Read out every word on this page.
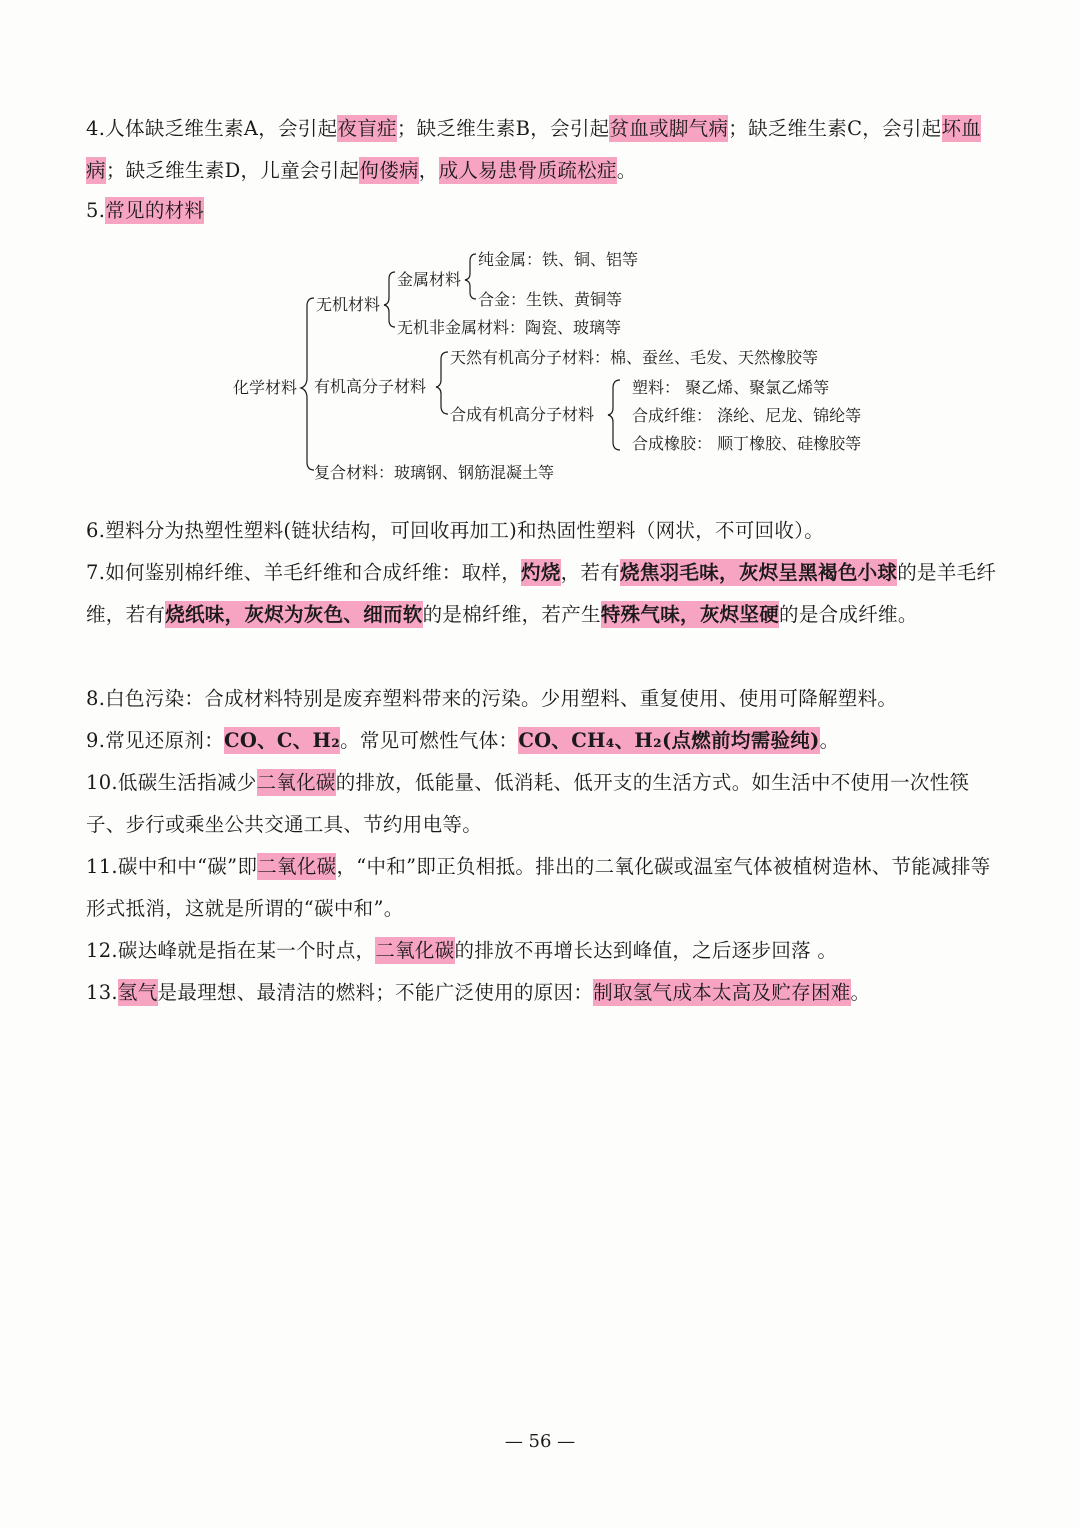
4.人体缺乏维生素A，会引起夜盲症；缺乏维生素B，会引起贫血或脚气病；缺乏维生素C，会引起坏血病；缺乏维生素D，儿童会引起佝偻病，成人易患骨质疏松症。
5.常见的材料
化学材料
无机材料
金属材料
纯金属：铁、铜、铝等
合金：生铁、黄铜等
无机非金属材料：陶瓷、玻璃等
有机高分子材料
天然有机高分子材料：棉、蚕丝、毛发、天然橡胶等
合成有机高分子材料
塑料： 聚乙烯、聚氯乙烯等
合成纤维： 涤纶、尼龙、锦纶等
合成橡胶： 顺丁橡胶、硅橡胶等
复合材料：玻璃钢、钢筋混凝土等
6.塑料分为热塑性塑料(链状结构，可回收再加工)和热固性塑料（网状，不可回收）。
7.如何鉴别棉纤维、羊毛纤维和合成纤维：取样，灼烧，若有烧焦羽毛味，灰烬呈黑褐色小球的是羊毛纤维，若有烧纸味，灰烬为灰色、细而软的是棉纤维，若产生特殊气味，灰烬坚硬的是合成纤维。
8.白色污染：合成材料特别是废弃塑料带来的污染。少用塑料、重复使用、使用可降解塑料。
9.常见还原剂：CO、C、H₂。常见可燃性气体：CO、CH₄、H₂(点燃前均需验纯)。
10.低碳生活指减少二氧化碳的排放，低能量、低消耗、低开支的生活方式。如生活中不使用一次性筷子、步行或乘坐公共交通工具、节约用电等。
11.碳中和中“碳”即二氧化碳，“中和”即正负相抵。排出的二氧化碳或温室气体被植树造林、节能减排等形式抵消，这就是所谓的“碳中和”。
12.碳达峰就是指在某一个时点，二氧化碳的排放不再增长达到峰值，之后逐步回落 。
13.氢气是最理想、最清洁的燃料；不能广泛使用的原因：制取氢气成本太高及贮存困难。
— 56 —
